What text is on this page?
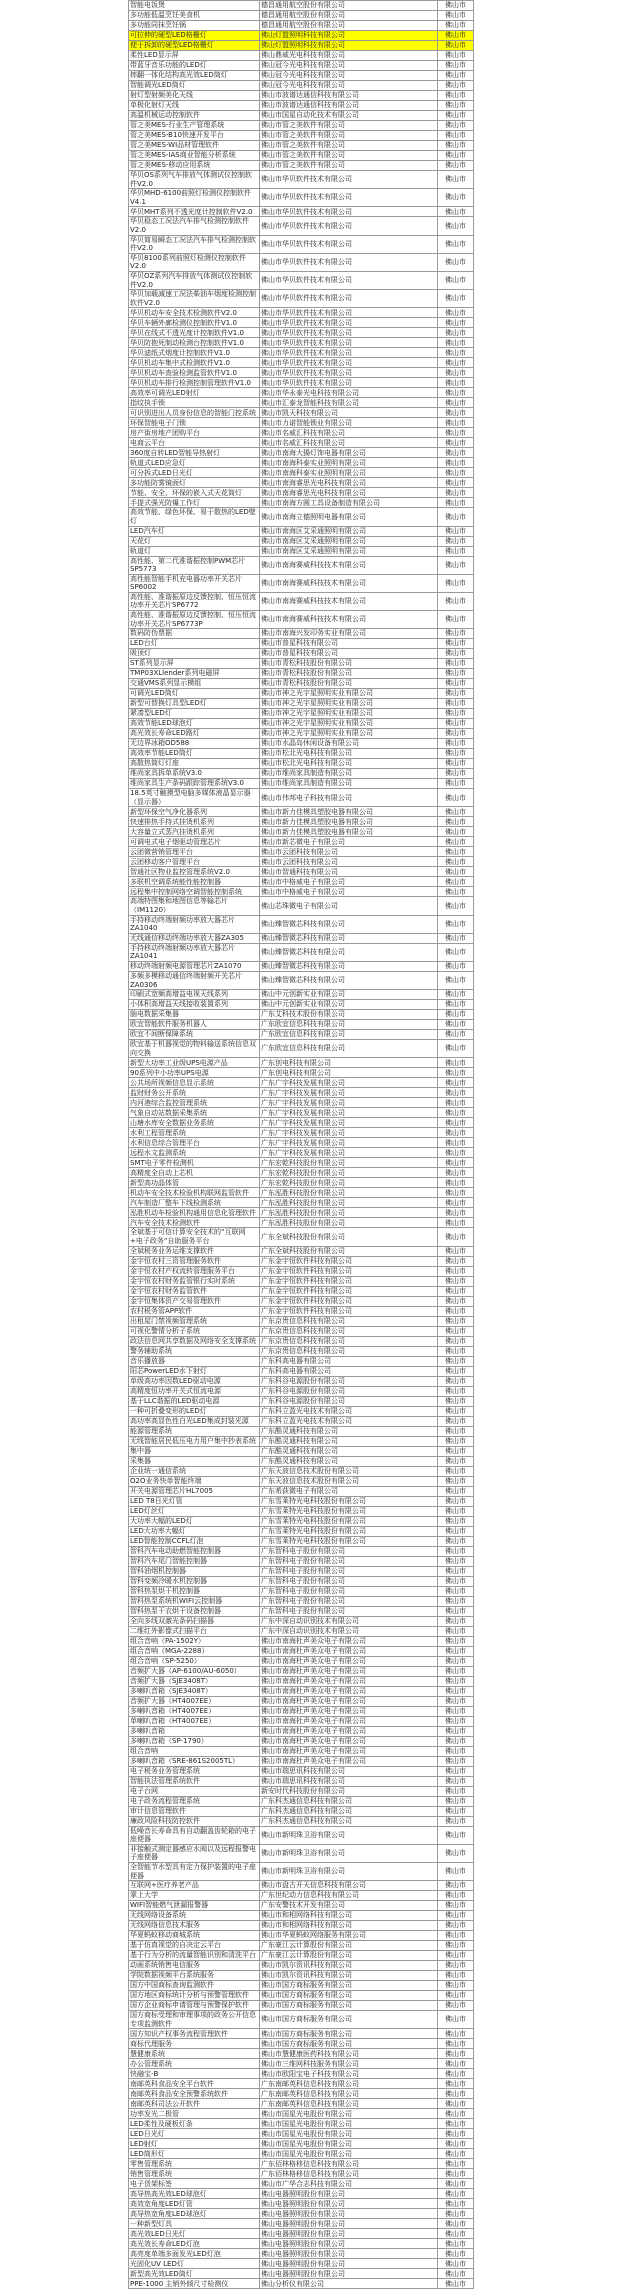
智能电饭煲	德昌通用航空股份有限公司	佛山市
多功能低温烹饪美食机	德昌通用航空股份有限公司	佛山市
多功能同抹烹饪锅	德昌通用航空股份有限公司	佛山市
可拉伸的硬型LED格栅灯	佛山灯盟照明科技有限公司	佛山市
便于拆卸的硬型LED格栅灯	佛山灯盟照明科技有限公司	佛山市
柔性LED显示屏	佛山鼎威光电科技有限公司	佛山市
带蓝牙音乐功能的LED灯	佛山冠今光电科技有限公司	佛山市
摔翻一体化结构高光效LED筒灯	佛山冠今光电科技有限公司	佛山市
智能调光LED筒灯	佛山冠今光电科技有限公司	佛山市
射灯型射频美化天线	佛山市波谱达通信科技有限公司	佛山市
单极化射灯天线	佛山市波谱达通信科技有限公司	佛山市
高温机械运动控制软件	佛山市国星自动化技术有限公司	佛山市
管之美MES-行业生产管理系统	佛山市管之美软件有限公司	佛山市
管之美MES-B10快速开发平台	佛山市管之美软件有限公司	佛山市
管之美MES-WI品材管理软件	佛山市管之美软件有限公司	佛山市
管之美MES-IAS商业智能分析系统	佛山市管之美软件有限公司	佛山市
管之美MES-移动应用系统	佛山市管之美软件有限公司	佛山市
华贝OS系列气车排放气体测试仪控制软件V2.0	佛山市华贝软件技术有限公司	佛山市
华贝MHD-6100前照灯检测仪控制软件V4.1	佛山市华贝软件技术有限公司	佛山市
华贝MHT系列不透光度计控制软件V2.0	佛山市华贝软件技术有限公司	佛山市
华贝稳态工况法汽车排气检测控制软件V2.0	佛山市华贝软件技术有限公司	佛山市
华贝简易瞬态工况法汽车排气检测控制软件V2.0	佛山市华贝软件技术有限公司	佛山市
华贝8100系列前照灯检测仪控制软件V2.0	佛山市华贝软件技术有限公司	佛山市
华贝OZ系列汽车排放气体测试仪控制软件V2.0	佛山市华贝软件技术有限公司	佛山市
华贝加载减速工况法柴油车烟度检测控制软件V2.0	佛山市华贝软件技术有限公司	佛山市
华贝机动车安全技术检测软件V2.0	佛山市华贝软件技术有限公司	佛山市
华贝车辆外廓检测仪控制软件V1.0	佛山市华贝软件技术有限公司	佛山市
华贝在线式不透光度计控制软件V1.0	佛山市华贝软件技术有限公司	佛山市
华贝防抱死制动检测台控制软件V1.0	佛山市华贝软件技术有限公司	佛山市
华贝滤纸式烟度计控制软件V1.0	佛山市华贝软件技术有限公司	佛山市
华贝机动车集中式检测软件V1.0	佛山市华贝软件技术有限公司	佛山市
华贝机动车查验检测监管软件V1.0	佛山市华贝软件技术有限公司	佛山市
华贝机动车排行检测控制管理软件V1.0	佛山市华贝软件技术有限公司	佛山市
高效率可调光LED射灯	佛山市华永泰光电科技有限公司	佛山市
指纹执手锁	佛山市汇泰龙智能科技有限公司	佛山市
可识别进出人员身份信息的智能门控系统	佛山市凯天科技有限公司	佛山市
环保智能电子门锁	佛山市力诺智能锁业有限公司	佛山市
房产街房地产团购平台	佛山市名威汇科技有限公司	佛山市
电商云平台	佛山市名威汇科技有限公司	佛山市
360度自转LED智能导热射灯	佛山市南海大揚灯饰电器有限公司	佛山市
轨道式LED应急灯	佛山市南海科泰实业照明有限公司	佛山市
可分拆式LED日光灯	佛山市南海科泰实业照明有限公司	佛山市
多功能防雾镜面灯	佛山市南海睿思光电科技有限公司	佛山市
节能、安全、环保的嵌入式天花筒灯	佛山市南海睿思光电科技有限公司	佛山市
手提式强光防爆工作灯	佛山市南海方圆工具设备制造有限公司	佛山市
高效节能、绿色环保、易于散热的LED壁灯	佛山市南海立德照明电器有限公司	佛山市
LED汽车灯	佛山市南海区艾采通照明有限公司	佛山市
天花灯	佛山市南海区艾采通照明有限公司	佛山市
轨道灯	佛山市南海区艾采通照明有限公司	佛山市
高性能、第二代准谐振控制PWM芯片SP5773	佛山市南海赛威科技技术有限公司	佛山市
高性能智能手机充电器功率开关芯片SP6002	佛山市南海赛威科技技术有限公司	佛山市
高性能、准谐振原边反馈控制、恒压恒流功率开关芯片SP6772	佛山市南海赛威科技技术有限公司	佛山市
高性能、准谐振原边反馈控制、恒压恒流功率开关芯片SP6773P	佛山市南海赛威科技技术有限公司	佛山市
数码防伪票据	佛山市南海兴发印务实业有限公司	佛山市
LED台灯	佛山市普星科技有限公司	佛山市
吸顶灯	佛山市普星科技有限公司	佛山市
ST系列显示屏	佛山市青松科技股份有限公司	佛山市
TMP03XLlender系列电磁屏	佛山市青松科技股份有限公司	佛山市
交通VMS系列显示模组	佛山市青松科技股份有限公司	佛山市
可调光LED筒灯	佛山市神之光宇星照明实业有限公司	佛山市
新型可替换灯具型LED灯	佛山市神之光宇星照明实业有限公司	佛山市
紧凑型LED灯	佛山市神之光宇星照明实业有限公司	佛山市
高效节能LED球泡灯	佛山市神之光宇星照明实业有限公司	佛山市
高光效长寿命LED路灯	佛山市神之光宇星照明实业有限公司	佛山市
无边界冰箱OD588	佛山市水晶岛休闲设备有限公司	佛山市
高效率节能LED筒灯	佛山市松北光电科技有限公司	佛山市
高散热筒灯灯座	佛山市松北光电科技有限公司	佛山市
维尚家具拆单系统V3.0	佛山市维尚家具制造有限公司	佛山市
维尚家具生产条码跟踪管理系统V3.0	佛山市维尚家具制造有限公司	佛山市
18.5英寸触摸型电脑多媒体液晶显示器（显示器）	佛山市伟邦电子科技有限公司	佛山市
新型环保空气净化器系列	佛山市新力佳模具塑胶电器有限公司	佛山市
快速排热手持式挂烫机系列	佛山市新力佳模具塑胶电器有限公司	佛山市
大容量立式蒸汽挂烫机系列	佛山市新力佳模具塑胶电器有限公司	佛山市
可调电式电子烟驱动管理芯片	佛山市新芯微电子有限公司	佛山市
云团微营销管理平台	佛山市云团科技有限公司	佛山市
云团移动客户管理平台	佛山市云团科技有限公司	佛山市
智通社区物业监控管理系统V2.0	佛山市智通科技有限公司	佛山市
多联机空调系统能性能控制器	佛山市中格威电子有限公司	佛山市
远程集中控制网络空调智能控制系统	佛山市中格威电子有限公司	佛山市
高端特图集和地图信息等输芯片（IM1120）	佛山芯珠微电子有限公司	佛山市
手持移动终端射频功率放大器芯片ZA1040	佛山臻智微芯科技有限公司	佛山市
无线通信移动终端功率放大器ZA305	佛山臻智微芯科技有限公司	佛山市
手持移动终端射频功率放大器芯片ZA1041	佛山臻智微芯科技有限公司	佛山市
移动终端射频电源管理芯片ZA1070	佛山臻智微芯科技有限公司	佛山市
多频多模移动通信终端射频开关芯片ZA0306	佛山臻智微芯科技有限公司	佛山市
印刷式宽频高增益电视天线系列	佛山中元创新实业有限公司	佛山市
小体积高增益天线接收装置系列	佛山中元创新实业有限公司	佛山市
脑电数据采集器	广东艾科技术股份有限公司	佛山市
欧宜智能软件服务机器人	广东欧宜信息科技有限公司	佛山市
欧宜不间断保障系统	广东欧宜信息科技有限公司	佛山市
欧宜基于机器视觉的物料输送系统信息双向交换	广东欧宜信息科技有限公司	佛山市
新型大功率工业级UPS电源产品	广东创电科技有限公司	佛山市
90系列中小功率UPS电源	广东创电科技有限公司	佛山市
公共场所视频信息显示系统	广东广宇科技发展有限公司	佛山市
监财财务公开系统	广东广宇科技发展有限公司	佛山市
内河港综合监控管理系统	广东广宇科技发展有限公司	佛山市
气象自动站数据采集系统	广东广宇科技发展有限公司	佛山市
山塘水库安全数据业务系统	广东广宇科技发展有限公司	佛山市
水利工程管理系统	广东广宇科技发展有限公司	佛山市
水利信息综合管理平台	广东广宇科技发展有限公司	佛山市
远程水文监测系统	广东广宇科技发展有限公司	佛山市
SMT电子零件检测机	广东宏乾科技股份有限公司	佛山市
高精度全自动上芯机	广东宏乾科技股份有限公司	佛山市
新型高功晶体管	广东宏乾科技股份有限公司	佛山市
机动车安全技术检验机构联网监管软件	广东泓胜科技股份有限公司	佛山市
汽车制造厂整车下线检测系统	广东泓胜科技股份有限公司	佛山市
泓胜机动车检验机构通用信息化管理软件	广东泓胜科技股份有限公司	佛山市
汽车安全技术检测软件	广东泓胜科技股份有限公司	佛山市
全斌基于可信计算安全技术的“互联网+电子政务”自助服务平台	广东全斌科技股份有限公司	佛山市
全斌税务业务运维支撑软件	广东全斌科技股份有限公司	佛山市
金宇恒农村三资管理服务软件	广东金宇恒软件科技有限公司	佛山市
金宇恒农村产权流转管理服务平台	广东金宇恒软件科技有限公司	佛山市
金宇恒农村财务监管银行实时系统	广东金宇恒软件科技有限公司	佛山市
金宇恒农村财务监管软件	广东金宇恒软件科技有限公司	佛山市
金宇恒集体资产交易管理软件	广东金宇恒软件科技有限公司	佛山市
农村税务管APP软件	广东金宇恒软件科技有限公司	佛山市
出租屋门禁视频管理系统	广东京贵信息科技有限公司	佛山市
可视化警情分析子系统	广东京贵信息科技有限公司	佛山市
政法信息网共享数据及网络安全支撑系统	广东京贵信息科技有限公司	佛山市
警务辅助系统	广东京贵信息科技有限公司	佛山市
音乐播放器	广东科高电器有限公司	佛山市
阳芯PowerLED水下射灯	广东科高电器有限公司	佛山市
单级高功率因数LED驱动电源	广东科谷电源股份有限公司	佛山市
高精度恒功率开关式恒流电源	广东科谷电源股份有限公司	佛山市
基于LLC谐振的LED驱动电源	广东科谷电源股份有限公司	佛山市
一种可折叠变形的LED灯	广东科立盈光电技术有限公司	佛山市
高功率高显色性白光LED集成封装光源	广东科立盈光电技术有限公司	佛山市
能源管理系统	广东酷灵通科技有限公司	佛山市
无线智能居民低压电力用户集中抄表系统	广东酷灵通科技有限公司	佛山市
集中器	广东酷灵通科技有限公司	佛山市
采集器	广东酷灵通科技有限公司	佛山市
企业统一通信系统	广东天波信息技术股份有限公司	佛山市
O2O业务快单智能终端	广东天波信息技术股份有限公司	佛山市
开关电源管理芯片HL7005	广东希荻微电子有限公司	佛山市
LED T8日光灯管	广东雪莱特光电科技股份有限公司	佛山市
LED灯丝灯	广东雪莱特光电科技股份有限公司	佛山市
大功率大幅的LED灯	广东雪莱特光电科技股份有限公司	佛山市
LED大功率大幅灯	广东雪莱特光电科技股份有限公司	佛山市
LED智能控制CCFL灯泡	广东雪莱特光电科技股份有限公司	佛山市
智科汽车电动助燃智能控制器	广东智科电子股份有限公司	佛山市
智科汽车尾门智能控制器	广东智科电子股份有限公司	佛山市
智科油烟机控制器	广东智科电子股份有限公司	佛山市
智科变频冷暖水机控制器	广东智科电子股份有限公司	佛山市
智科热泵烘干机控制器	广东智科电子股份有限公司	佛山市
智科热泵系统机WIFI云控制器	广东智科电子股份有限公司	佛山市
智科热泵干衣烘干设备控制器	广东智科电子股份有限公司	佛山市
全向多线双激光条码扫描器	广东中深自动识别技术有限公司	佛山市
二维红外影像式扫描平台	广东中深自动识别技术有限公司	佛山市
组合音响（PA-1502Y）	佛山市南海杜声美众电子有限公司	佛山市
组合音响（MGA-2288）	佛山市南海杜声美众电子有限公司	佛山市
组合音响（SP-5250）	佛山市南海杜声美众电子有限公司	佛山市
音频扩大器（AP-6100/AU-6050）	佛山市南海杜声美众电子有限公司	佛山市
音频扩大器（SJE3408T）	佛山市南海杜声美众电子有限公司	佛山市
多喇叭音箱（SJE3408T）	佛山市南海杜声美众电子有限公司	佛山市
音频扩大器（HT4007EE）	佛山市南海杜声美众电子有限公司	佛山市
多喇叭音箱（HT4007EE）	佛山市南海杜声美众电子有限公司	佛山市
单喇叭音箱（HT4007EE）	佛山市南海杜声美众电子有限公司	佛山市
多喇叭音箱	佛山市南海杜声美众电子有限公司	佛山市
多喇叭音箱（SP-1790）	佛山市南海杜声美众电子有限公司	佛山市
组合音响	佛山市南海杜声美众电子有限公司	佛山市
多喇叭音箱（SRE-861S2005TL）	佛山市南海杜声美众电子有限公司	佛山市
电子税务业务管理系统	佛山市瑞思讯科技有限公司	佛山市
智能执法管理系统软件	佛山市瑞思讯科技有限公司	佛山市
电子台网	新安时代科技股份有限公司	佛山市
电子政务流程管理系统	广东科杰通信息科技有限公司	佛山市
审计信息管理软件	广东科杰通信息科技有限公司	佛山市
廉政风险科技防控软件	广东科杰通信息科技有限公司	佛山市
低噪音长寿命具有自动翻盖齿轮箱的电子座便器	佛山市新明珠卫浴有限公司	佛山市
非接触式测定器感应水阀以及远程报警电子座便器	佛山市新明珠卫浴有限公司	佛山市
全智能节水型具有定力保护装置的电子座便器	佛山市新明珠卫浴有限公司	佛山市
互联网+医疗养老产品	佛山市盘古开天信息科技有限公司	佛山市
掌上大学	广东世纪动力信息科技有限公司	佛山市
WIFI智能燃气泄漏报警器	广东安警技术开发有限公司	佛山市
无线网络设备系统	佛山市和相网络科技有限公司	佛山市
无线网络信息技术服务	佛山市和相网络科技有限公司	佛山市
华夏蚂蚁移动商城系统	佛山市华夏蚂蚁网络服务有限公司	佛山市
基于仿真视觉的自决定云平台	广东豪江云计算股份有限公司	佛山市
基于行为分析的流量智能识别和清洗平台	广东豪江云计算股份有限公司	佛山市
动画系统销售电信服务	佛山市凯尔资讯科技有限公司	佛山市
学院数据视频平台系统服务	佛山市凯尔资讯科技有限公司	佛山市
国方中国商标查询监测软件	佛山市国方商标服务有限公司	佛山市
国方地区商标统计分析与预警管理软件	佛山市国方商标服务有限公司	佛山市
国方企业商标申请管理与预警保护软件	佛山市国方商标服务有限公司	佛山市
国方商标受理和审理事项的政务公开信息专项监测软件	佛山市国方商标服务有限公司	佛山市
国方知识产权事务流程管理软件	佛山市国方商标服务有限公司	佛山市
商标代理服务	佛山市国方商标服务有限公司	佛山市
慧健康系统	佛山市慧健康医药科技有限公司	佛山市
办公管理系统	佛山市三维网科技服务有限公司	佛山市
快融宝-B	佛山市欧阳宝电子科技有限公司	佛山市
南邮英科食品安全平台软件	广东南邮英科信息科技有限公司	佛山市
南邮英科食品安全预警系统软件	广东南邮英科信息科技有限公司	佛山市
南邮英科司法公开软件	广东南邮英科信息科技有限公司	佛山市
功率发光二极管	佛山市国星光电股份有限公司	佛山市
LED柔性及硬板灯条	佛山市国星光电股份有限公司	佛山市
LED日光灯	佛山市国星光电股份有限公司	佛山市
LED射灯	佛山市国星光电股份有限公司	佛山市
LED筒形灯	佛山市国星光电股份有限公司	佛山市
零售管理系统	广东佰林格移信息科技有限公司	佛山市
销售管理系统	广东佰林格移信息科技有限公司	佛山市
电子货架标签	佛山市广华合志科技有限公司	佛山市
高导热高光效LED球泡灯	佛山电器照明股份有限公司	佛山市
高效宽角度LED灯管	佛山电器照明股份有限公司	佛山市
高导热宽角度LED球泡灯	佛山电器照明股份有限公司	佛山市
一种新型灯具	佛山电器照明股份有限公司	佛山市
高光效LED日光灯	佛山电器照明股份有限公司	佛山市
高光效长寿命LED灯泡	佛山电器照明股份有限公司	佛山市
高亮度单端多面发光LED灯泡	佛山电器照明股份有限公司	佛山市
光固化UV LED灯	佛山电器照明股份有限公司	佛山市
新型高光效LED筒灯	佛山电器照明股份有限公司	佛山市
PPE-1000 主销外倾尺寸检测仪	佛山分析仪有限公司	佛山市
